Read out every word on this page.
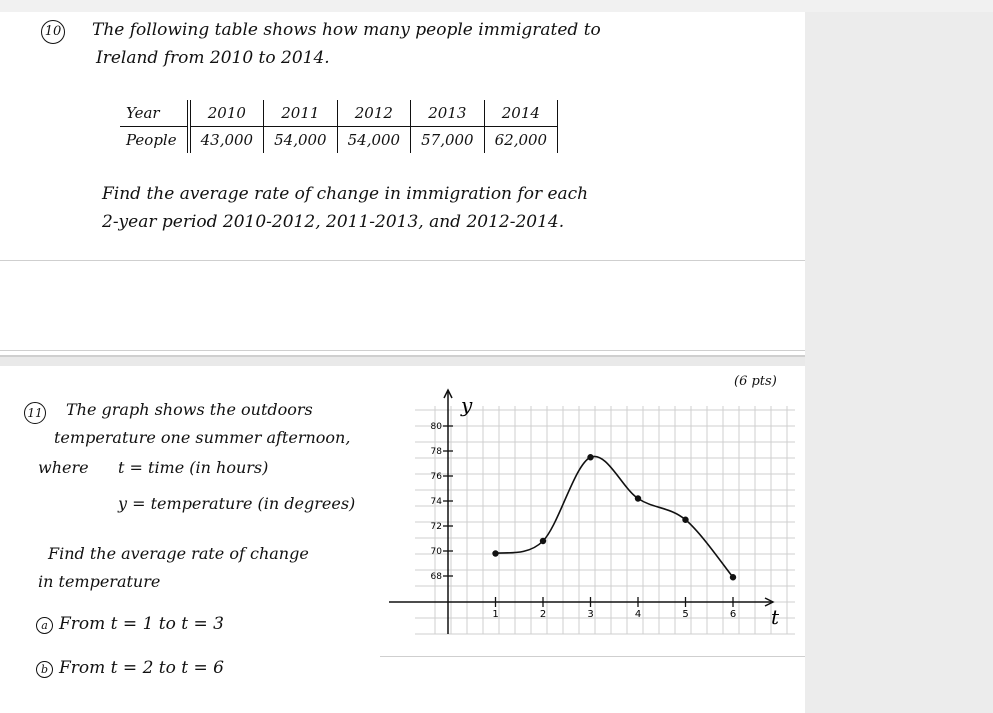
10 The following table shows how many people immigrated to
Ireland from 2010 to 2014.
Year	2010	2011	2012	2013	2014
People	43,000	54,000	54,000	57,000	62,000
Find the average rate of change in immigration for each
2-year period 2010-2012, 2011-2013, and 2012-2014.
(6 pts)
11 The graph shows the outdoors
temperature one summer afternoon,
where t = time (in hours)
y = temperature (in degrees)
Find the average rate of change
in temperature
a From t = 1 to t = 3
b From t = 2 to t = 6
y
t
68
70
72
74
76
78
80
1	2	3	4	5	6
